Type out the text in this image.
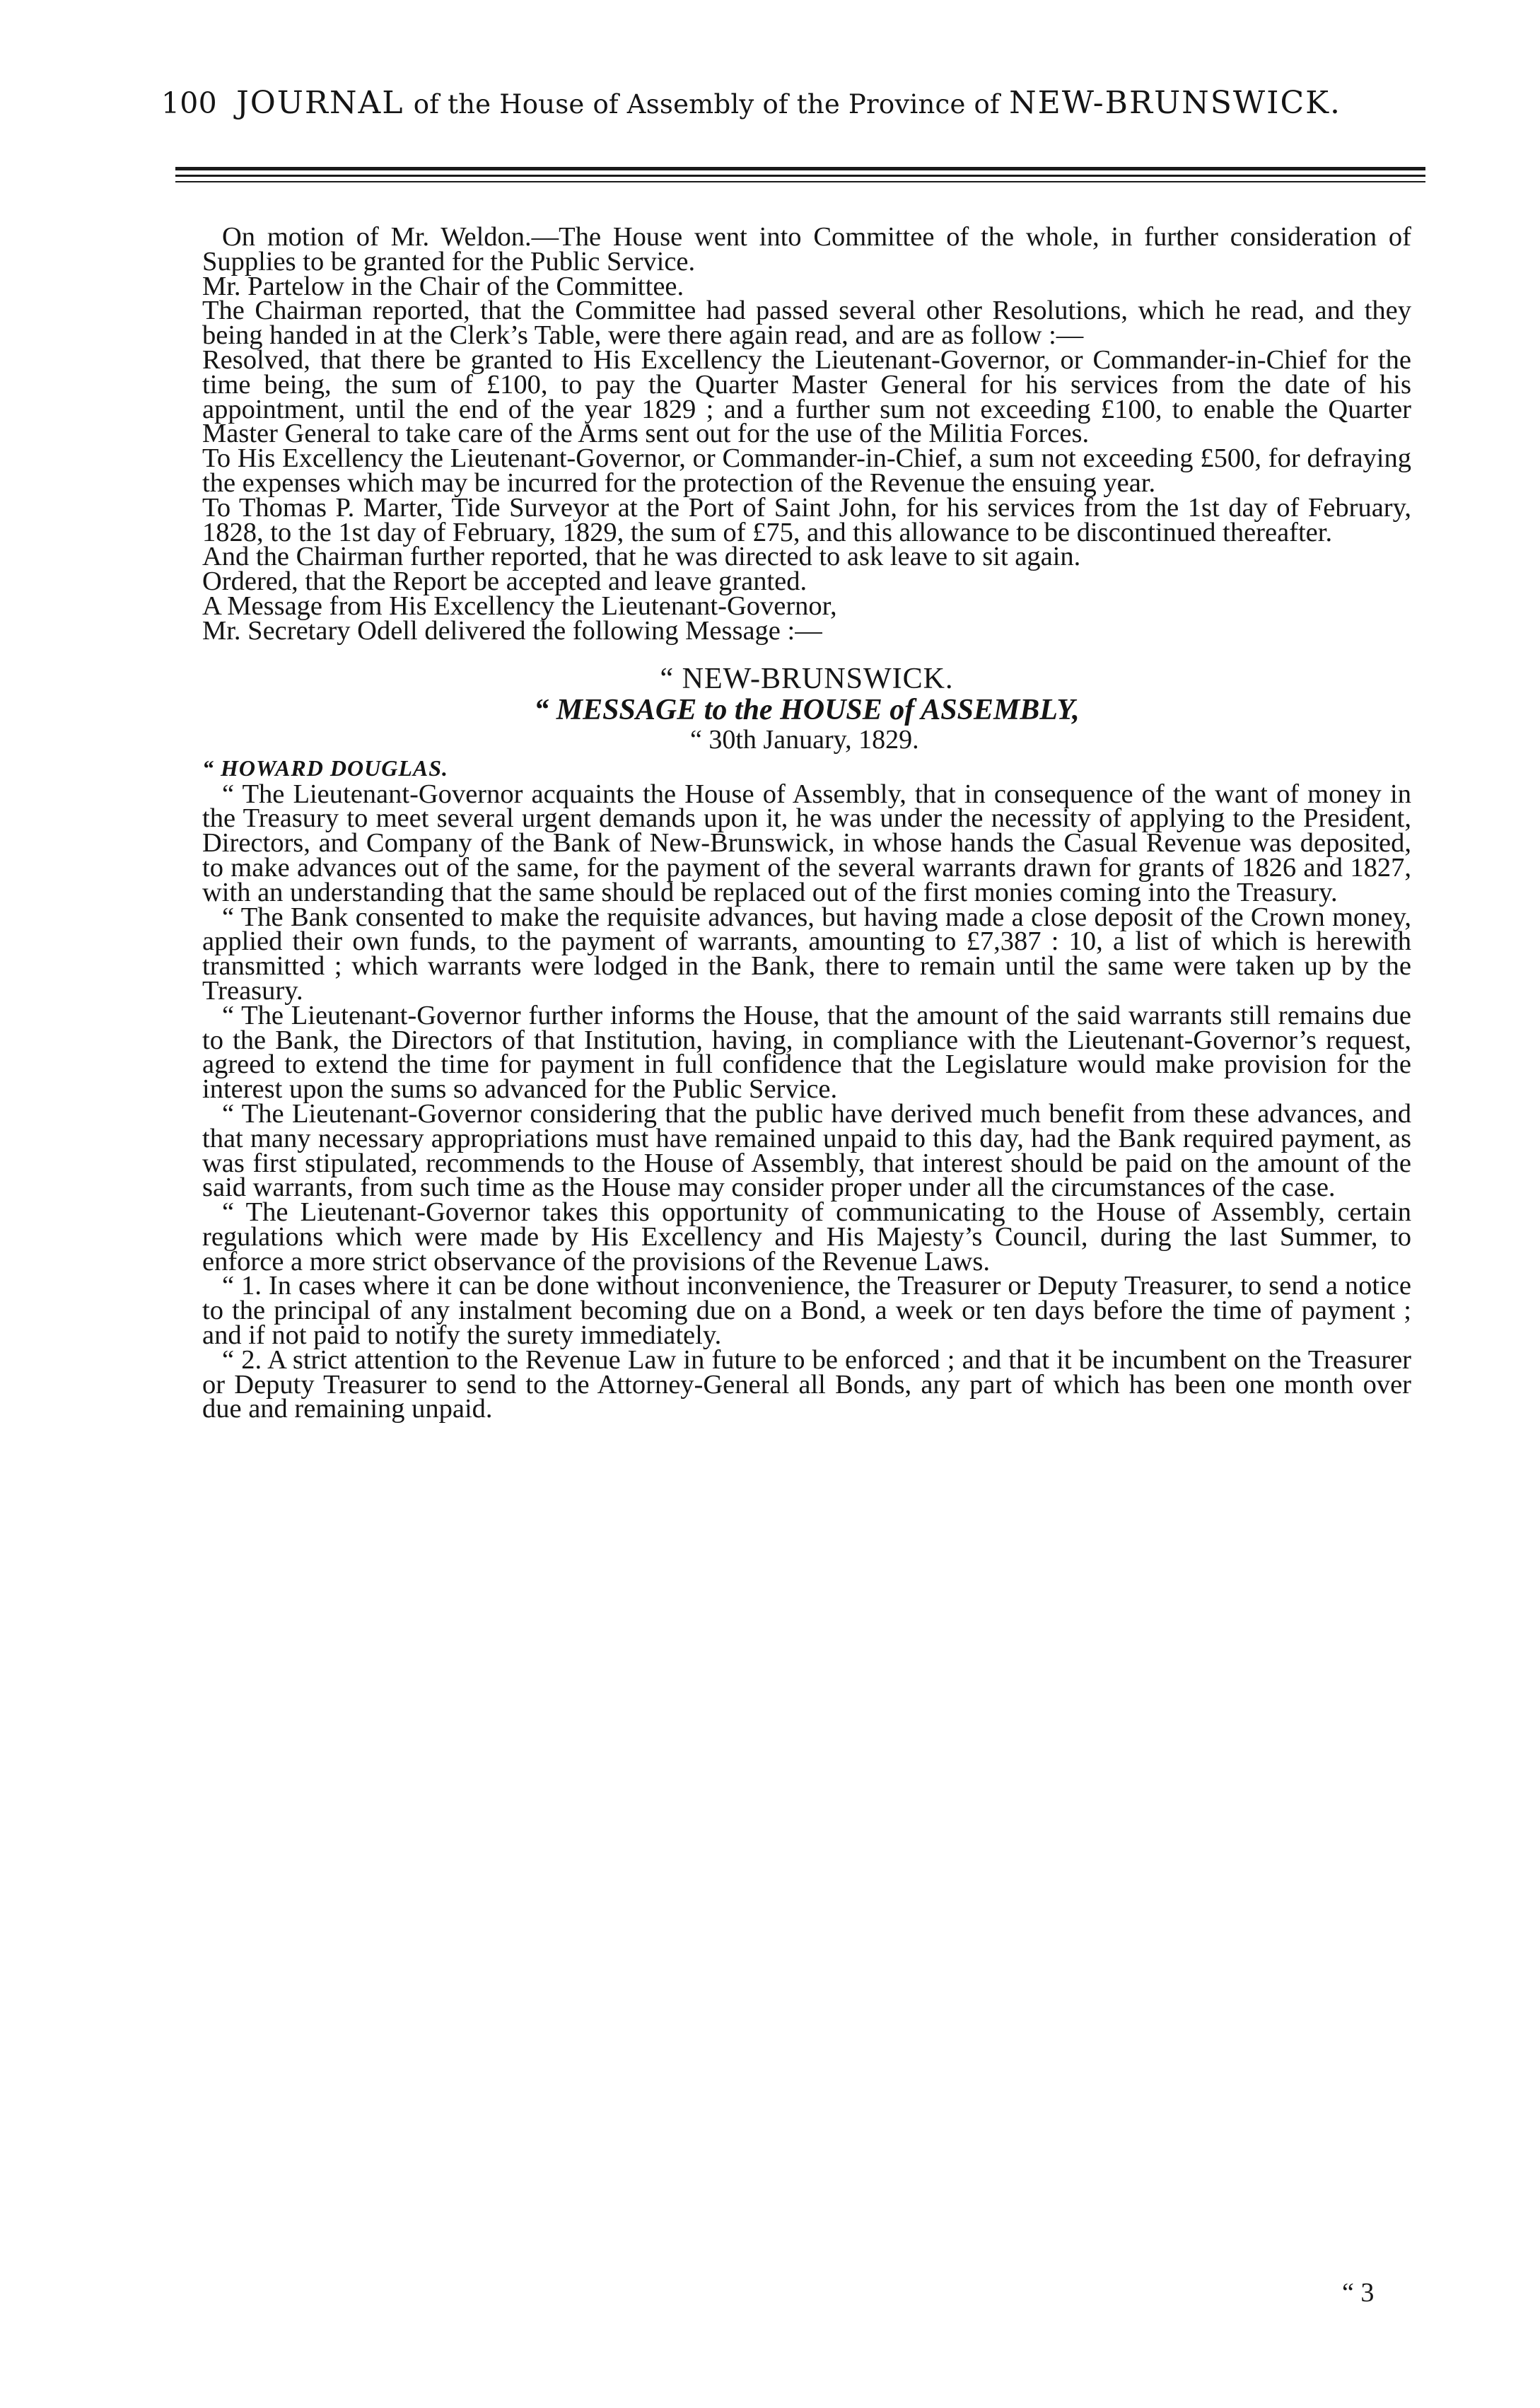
100 JOURNAL of the House of Assembly of the Province of NEW-BRUNSWICK.

On motion of Mr. Weldon.—The House went into Committee of the whole, in further consideration of Supplies to be granted for the Public Service.

Mr. Partelow in the Chair of the Committee.

The Chairman reported, that the Committee had passed several other Resolutions, which he read, and they being handed in at the Clerk’s Table, were there again read, and are as follow :—

Resolved, that there be granted to His Excellency the Lieutenant-Governor, or Commander-in-Chief for the time being, the sum of £100, to pay the Quarter Master General for his services from the date of his appointment, until the end of the year 1829 ; and a further sum not exceeding £100, to enable the Quarter Master General to take care of the Arms sent out for the use of the Militia Forces.

To His Excellency the Lieutenant-Governor, or Commander-in-Chief, a sum not exceeding £500, for defraying the expenses which may be incurred for the protection of the Revenue the ensuing year.

To Thomas P. Marter, Tide Surveyor at the Port of Saint John, for his services from the 1st day of February, 1828, to the 1st day of February, 1829, the sum of £75, and this allowance to be discontinued thereafter.

And the Chairman further reported, that he was directed to ask leave to sit again.

Ordered, that the Report be accepted and leave granted.

A Message from His Excellency the Lieutenant-Governor,

Mr. Secretary Odell delivered the following Message :—

“ NEW-BRUNSWICK.

“ MESSAGE to the HOUSE of ASSEMBLY,

“ 30th January, 1829.

“ HOWARD DOUGLAS.

“ The Lieutenant-Governor acquaints the House of Assembly, that in consequence of the want of money in the Treasury to meet several urgent demands upon it, he was under the necessity of applying to the President, Directors, and Company of the Bank of New-Brunswick, in whose hands the Casual Revenue was deposited, to make advances out of the same, for the payment of the several warrants drawn for grants of 1826 and 1827, with an understanding that the same should be replaced out of the first monies coming into the Treasury.

“ The Bank consented to make the requisite advances, but having made a close deposit of the Crown money, applied their own funds, to the payment of warrants, amounting to £7,387 : 10, a list of which is herewith transmitted ; which warrants were lodged in the Bank, there to remain until the same were taken up by the Treasury.

“ The Lieutenant-Governor further informs the House, that the amount of the said warrants still remains due to the Bank, the Directors of that Institution, having, in compliance with the Lieutenant-Governor’s request, agreed to extend the time for payment in full confidence that the Legislature would make provision for the interest upon the sums so advanced for the Public Service.

“ The Lieutenant-Governor considering that the public have derived much benefit from these advances, and that many necessary appropriations must have remained unpaid to this day, had the Bank required payment, as was first stipulated, recommends to the House of Assembly, that interest should be paid on the amount of the said warrants, from such time as the House may consider proper under all the circumstances of the case.

“ The Lieutenant-Governor takes this opportunity of communicating to the House of Assembly, certain regulations which were made by His Excellency and His Majesty’s Council, during the last Summer, to enforce a more strict observance of the provisions of the Revenue Laws.

“ 1. In cases where it can be done without inconvenience, the Treasurer or Deputy Treasurer, to send a notice to the principal of any instalment becoming due on a Bond, a week or ten days before the time of payment ; and if not paid to notify the surety immediately.

“ 2. A strict attention to the Revenue Law in future to be enforced ; and that it be incumbent on the Treasurer or Deputy Treasurer to send to the Attorney-General all Bonds, any part of which has been one month over due and remaining unpaid.

“ 3
